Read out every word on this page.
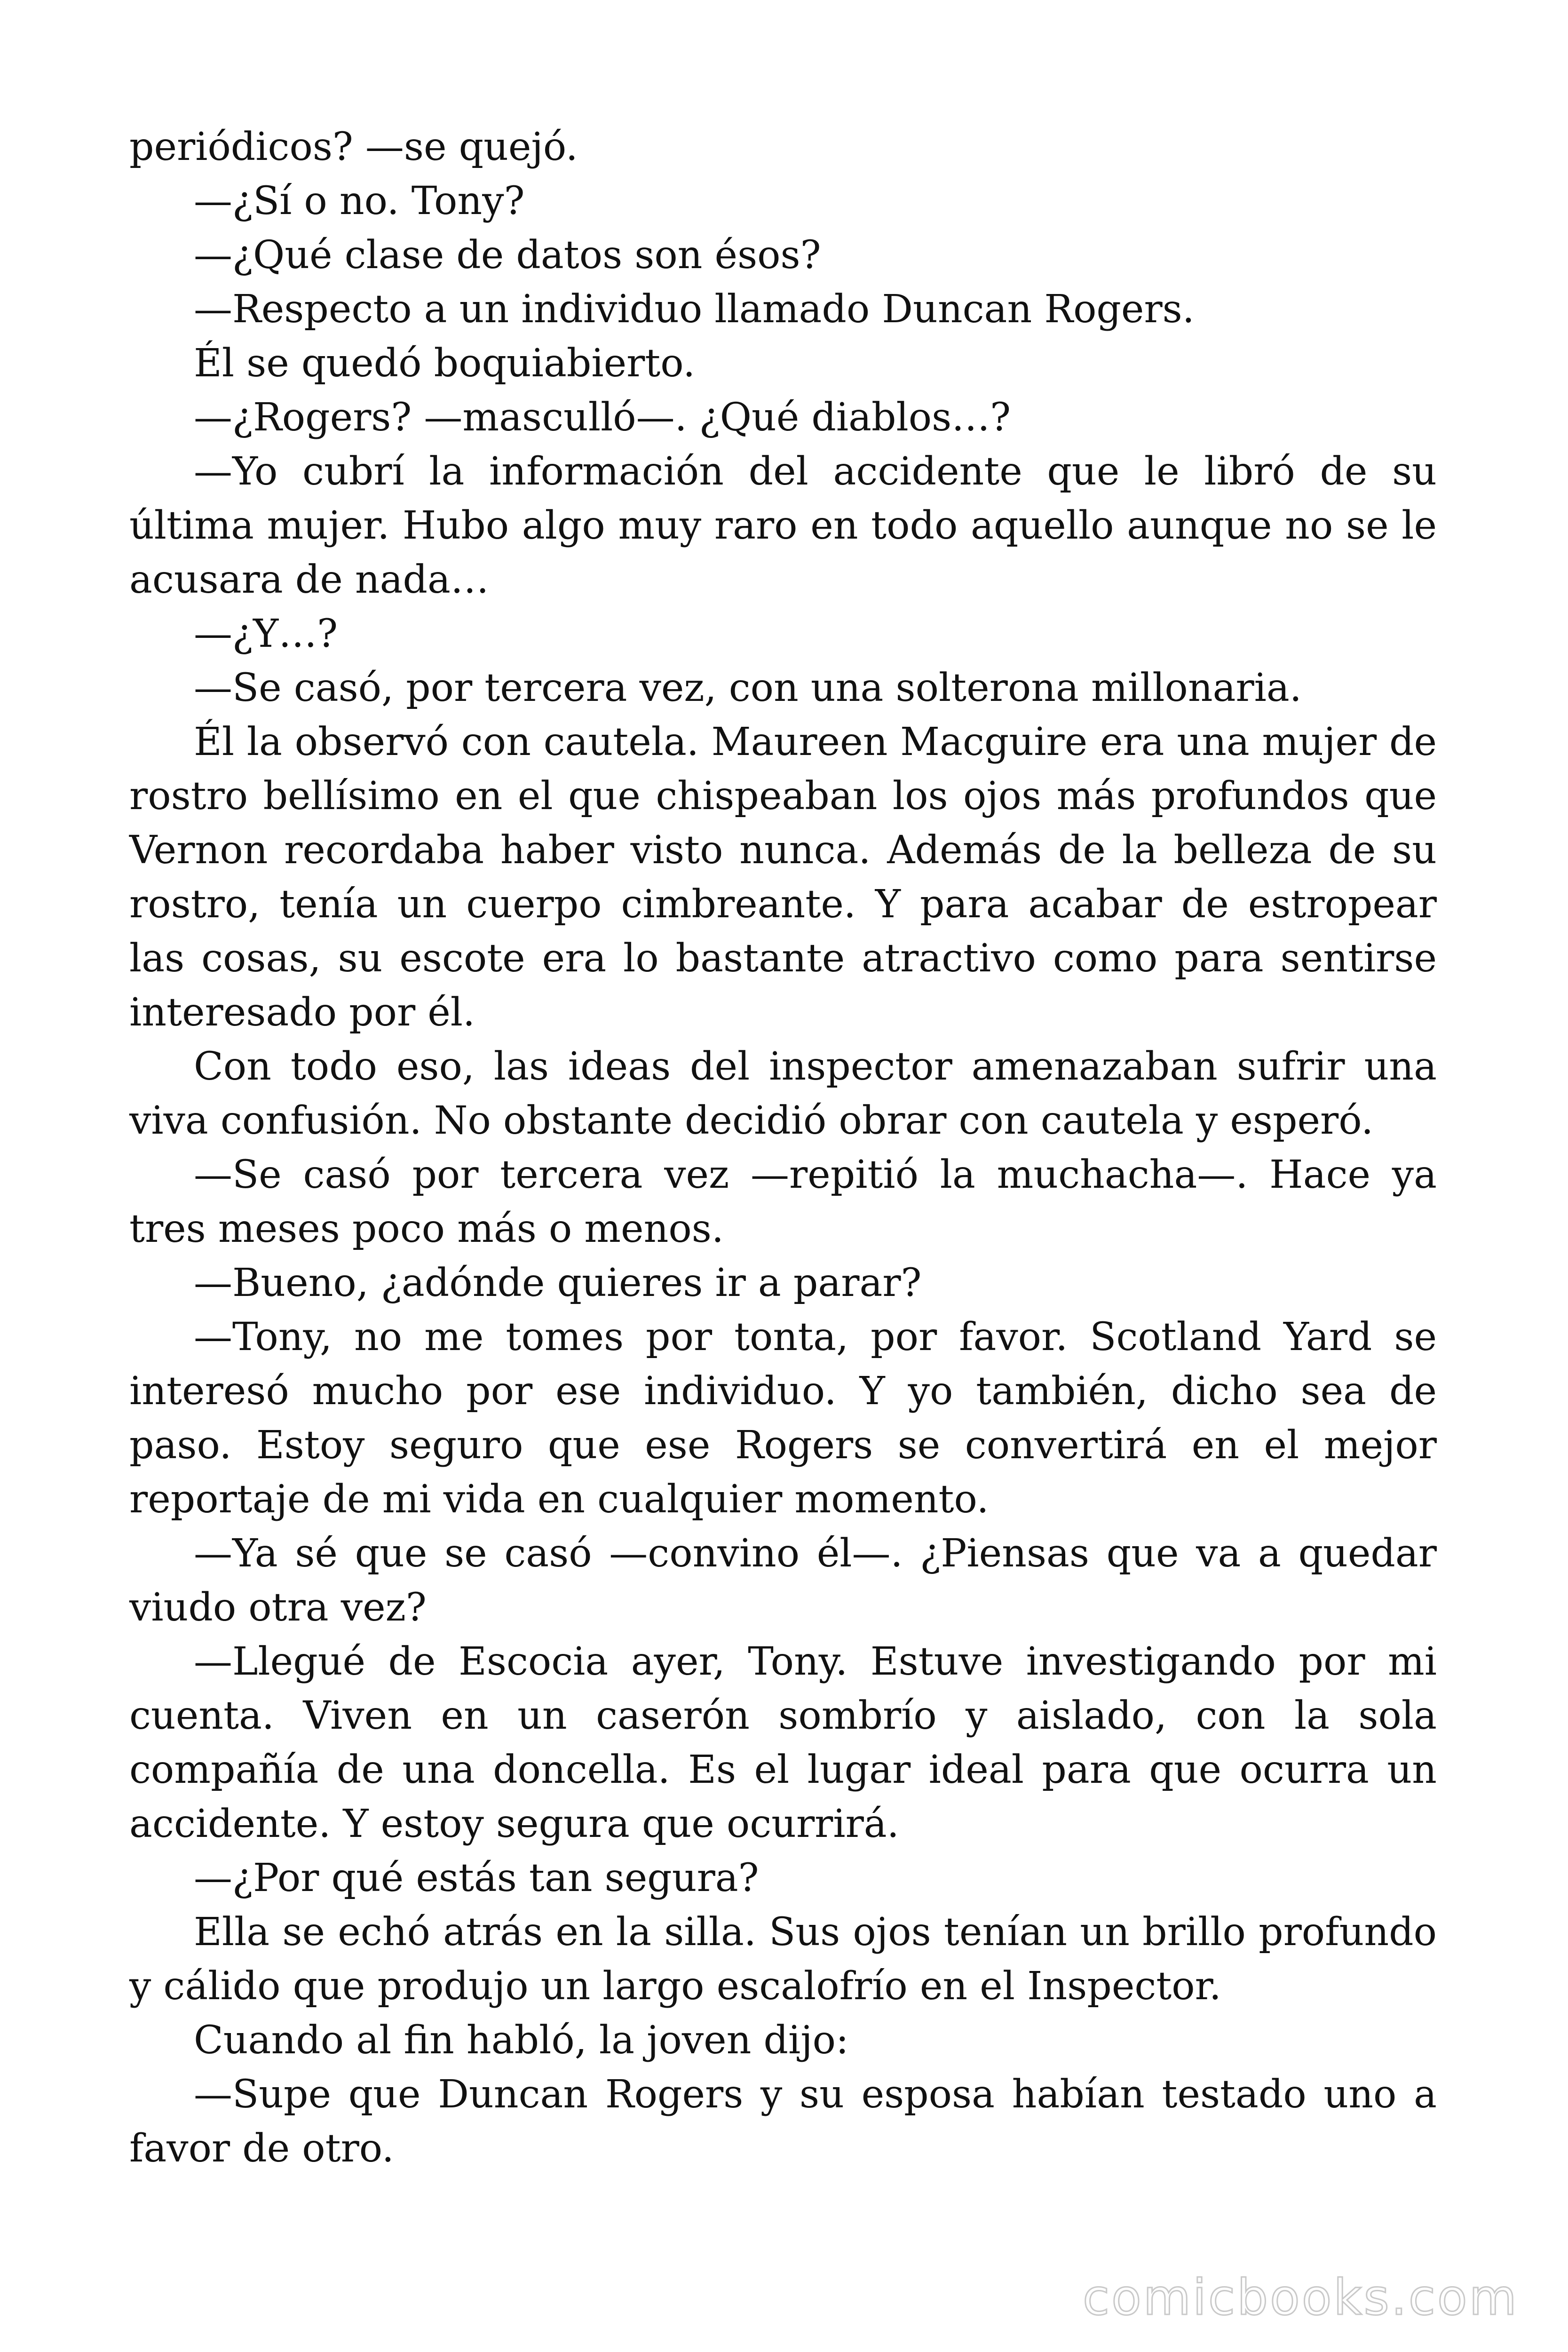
periódicos? —se quejó.

—¿Sí o no. Tony?

—¿Qué clase de datos son ésos?

—Respecto a un individuo llamado Duncan Rogers.

Él se quedó boquiabierto.

—¿Rogers? —masculló—. ¿Qué diablos…?

—Yo cubrí la información del accidente que le libró de su última mujer. Hubo algo muy raro en todo aquello aunque no se le acusara de nada…

—¿Y…?

—Se casó, por tercera vez, con una solterona millonaria.

Él la observó con cautela. Maureen Macguire era una mujer de rostro bellísimo en el que chispeaban los ojos más profundos que Vernon recordaba haber visto nunca. Además de la belleza de su rostro, tenía un cuerpo cimbreante. Y para acabar de estropear las cosas, su escote era lo bastante atractivo como para sentirse interesado por él.

Con todo eso, las ideas del inspector amenazaban sufrir una viva confusión. No obstante decidió obrar con cautela y esperó.

—Se casó por tercera vez —repitió la muchacha—. Hace ya tres meses poco más o menos.

—Bueno, ¿adónde quieres ir a parar?

—Tony, no me tomes por tonta, por favor. Scotland Yard se interesó mucho por ese individuo. Y yo también, dicho sea de paso. Estoy seguro que ese Rogers se convertirá en el mejor reportaje de mi vida en cualquier momento.

—Ya sé que se casó —convino él—. ¿Piensas que va a quedar viudo otra vez?

—Llegué de Escocia ayer, Tony. Estuve investigando por mi cuenta. Viven en un caserón sombrío y aislado, con la sola compañía de una doncella. Es el lugar ideal para que ocurra un accidente. Y estoy segura que ocurrirá.

—¿Por qué estás tan segura?

Ella se echó atrás en la silla. Sus ojos tenían un brillo profundo y cálido que produjo un largo escalofrío en el Inspector.

Cuando al fin habló, la joven dijo:

—Supe que Duncan Rogers y su esposa habían testado uno a favor de otro.

comicbooks.com
